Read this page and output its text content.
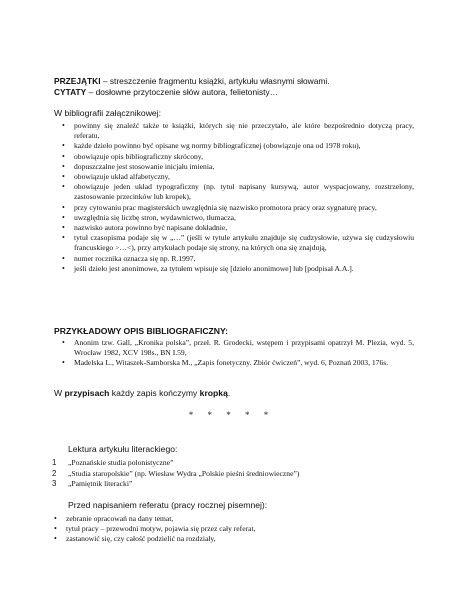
PRZEJĄTKI – streszczenie fragmentu książki, artykułu własnymi słowami.
CYTATY – dosłowne przytoczenie słów autora, felietonisty…
W bibliografii załącznikowej:
• powinny się znaleźć także te książki, których się nie przeczytało, ale które bezpośrednio dotyczą pracy, referatu,
• każde dzieło powinno być opisane wg normy bibliograficznej (obowiązuje ona od 1978 roku),
• obowiązuje opis bibliograficzny skrócony,
• dopuszczalne jest stosowanie inicjału imienia,
• obowiązuje układ alfabetyczny,
• obowiązuje jeden układ typograficzny (np. tytuł napisany kursywą, autor wyspacjowany, rozstrzelony, zastosowanie przecinków lub kropek),
• przy cytowaniu prac magisterskich uwzględnia się nazwisko promotora pracy oraz sygnaturę pracy,
• uwzględnia się liczbę stron, wydawnictwo, tłumacza,
• nazwisko autora powinno być napisane dokładnie,
• tytuł czasopisma podaje się w „…” (jeśli w tytule artykułu znajduje się cudzysłowie, używa się cudzysłowiu francuskiego >…<), przy artykułach podaje się strony, na których ona się znajdują,
• numer rocznika oznacza się np. R.1997,
• jeśli dzieło jest anonimowe, za tytułem wpisuje się [dzieło anonimowe] lub [podpisał A.A.].
PRZYKŁADOWY OPIS BIBLIOGRAFICZNY:
• Anonim tzw. Gall, „Kronika polska”, przeł. R. Grodecki, wstępem i przypisami opatrzył M. Plezia, wyd. 5, Wrocław 1982, XCV 198s., BN I.59,
• Madelska L., Witaszek-Samborska M., „Zapis fonetyczny. Zbiór ćwiczeń”, wyd. 6, Poznań 2003, 176s.
W przypisach każdy zapis kończymy kropką.
* * * * *
Lektura artykułu literackiego:
1 „Poznańskie studia polonistyczne”
2 „Studia staropolskie” (np. Wiesław Wydra „Polskie pieśni średniowieczne”)
3 „Pamiętnik literacki”
Przed napisaniem referatu (pracy rocznej pisemnej):
• zebranie opracowań na dany temat,
• tytuł pracy – przewodni motyw, pojawia się przez cały referat,
• zastanowić się, czy całość podzielić na rozdziały,
